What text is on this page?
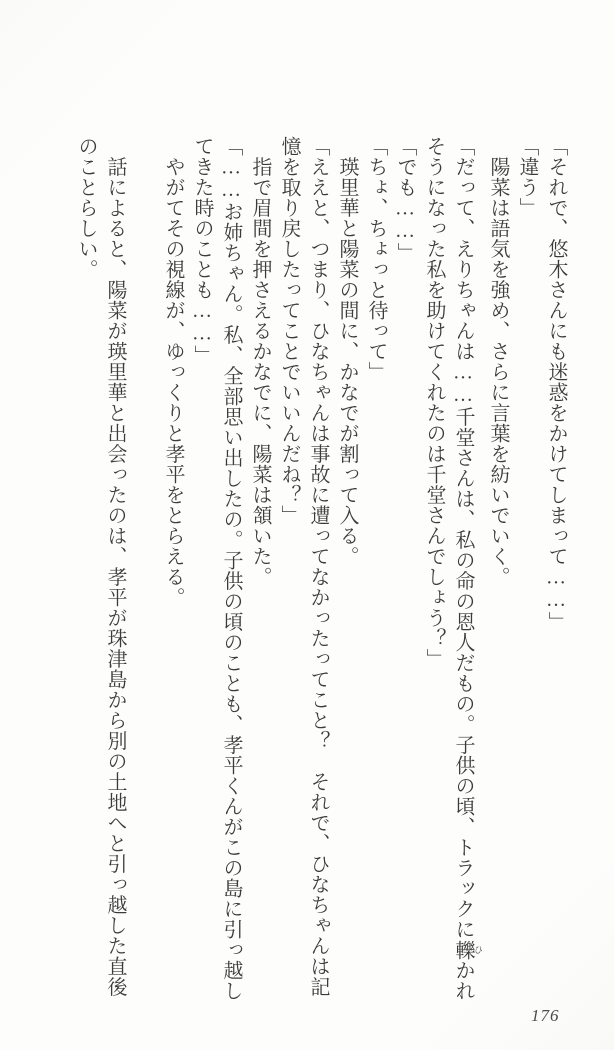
「それで、悠木さんにも迷惑をかけてしまって……」

「違う」

　陽菜は語気を強め、さらに言葉を紡いでいく。

「だって、えりちゃんは……千堂さんは、私の命の恩人だもの。子供の頃、トラックに轢 ひかれそうになった私を助けてくれたのは千堂さんでしょう？」

「でも……」

「ちょ、ちょっと待って」

　瑛里華と陽菜の間に、かなでが割って入る。

「ええと、つまり、ひなちゃんは事故に遭ってなかったってこと？　それで、ひなちゃんは記憶を取り戻したってことでいいんだね？」

　指で眉間を押さえるかなでに、陽菜は頷いた。

「……お姉ちゃん。私、全部思い出したの。子供の頃のことも、孝平くんがこの島に引っ越してきた時のことも……」

　やがてその視線が、ゆっくりと孝平をとらえる。

　話によると、陽菜が瑛里華と出会ったのは、孝平が珠津島から別の土地へと引っ越した直後のことらしい。

176
